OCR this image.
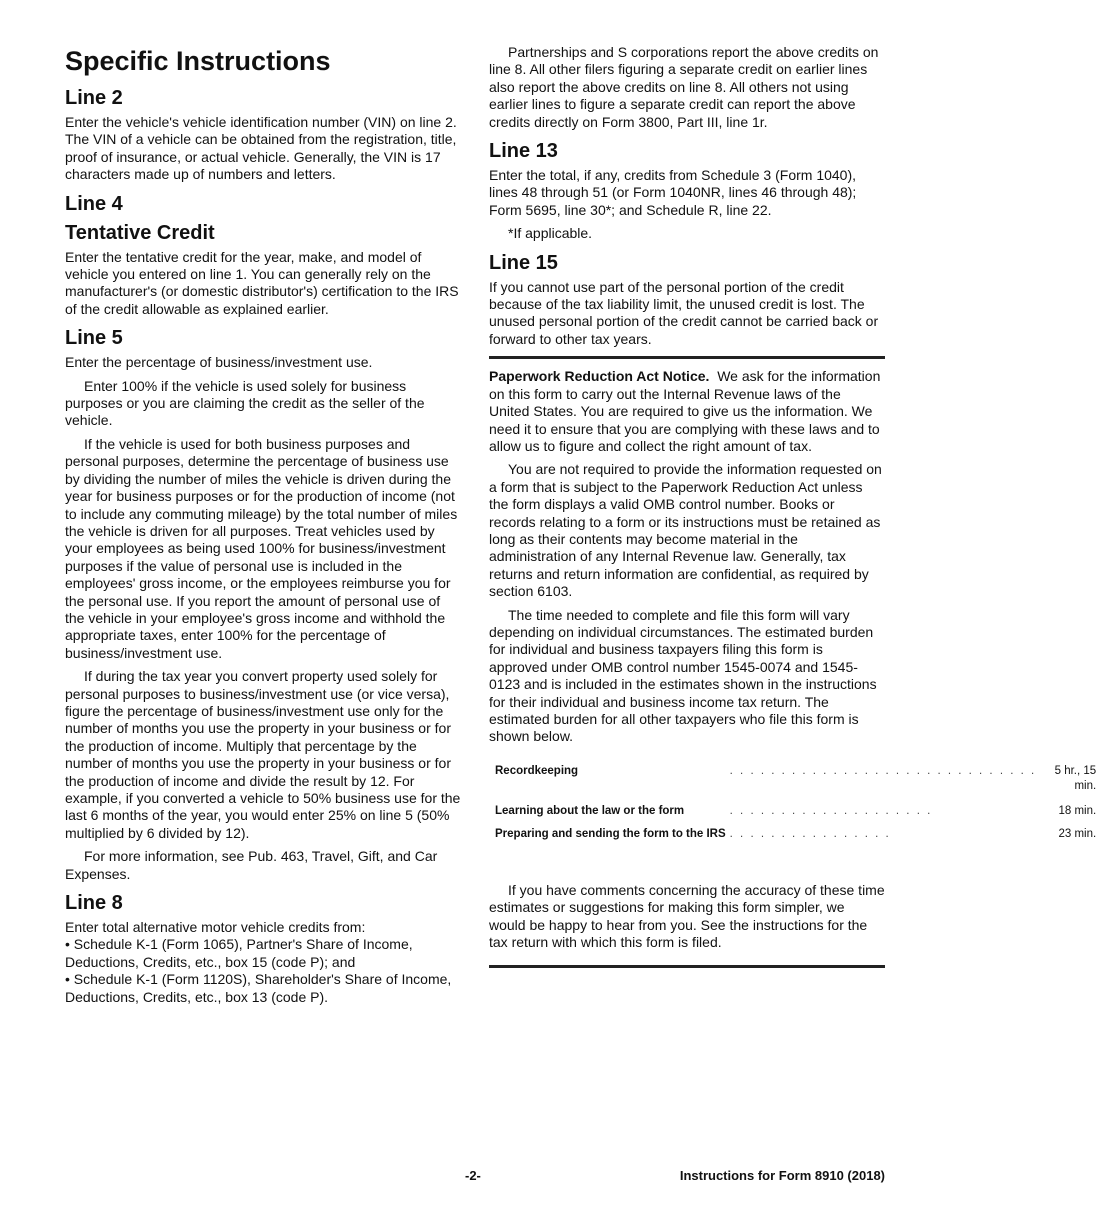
Specific Instructions
Line 2

Enter the vehicle's vehicle identification number (VIN) on line 2. The VIN of a vehicle can be obtained from the registration, title, proof of insurance, or actual vehicle. Generally, the VIN is 17 characters made up of numbers and letters.

Line 4
Tentative Credit

Enter the tentative credit for the year, make, and model of vehicle you entered on line 1. You can generally rely on the manufacturer's (or domestic distributor's) certification to the IRS of the credit allowable as explained earlier.

Line 5

Enter the percentage of business/investment use.

Enter 100% if the vehicle is used solely for business purposes or you are claiming the credit as the seller of the vehicle.

If the vehicle is used for both business purposes and personal purposes, determine the percentage of business use by dividing the number of miles the vehicle is driven during the year for business purposes or for the production of income (not to include any commuting mileage) by the total number of miles the vehicle is driven for all purposes. Treat vehicles used by your employees as being used 100% for business/investment purposes if the value of personal use is included in the employees' gross income, or the employees reimburse you for the personal use. If you report the amount of personal use of the vehicle in your employee's gross income and withhold the appropriate taxes, enter 100% for the percentage of business/investment use.

If during the tax year you convert property used solely for personal purposes to business/investment use (or vice versa), figure the percentage of business/investment use only for the number of months you use the property in your business or for the production of income. Multiply that percentage by the number of months you use the property in your business or for the production of income and divide the result by 12. For example, if you converted a vehicle to 50% business use for the last 6 months of the year, you would enter 25% on line 5 (50% multiplied by 6 divided by 12).

For more information, see Pub. 463, Travel, Gift, and Car Expenses.

Line 8

Enter total alternative motor vehicle credits from:

• Schedule K-1 (Form 1065), Partner's Share of Income, Deductions, Credits, etc., box 15 (code P); and

• Schedule K-1 (Form 1120S), Shareholder's Share of Income, Deductions, Credits, etc., box 13 (code P).

Partnerships and S corporations report the above credits on line 8. All other filers figuring a separate credit on earlier lines also report the above credits on line 8. All others not using earlier lines to figure a separate credit can report the above credits directly on Form 3800, Part III, line 1r.

Line 13

Enter the total, if any, credits from Schedule 3 (Form 1040), lines 48 through 51 (or Form 1040NR, lines 46 through 48); Form 5695, line 30*; and Schedule R, line 22.

*If applicable.

Line 15

If you cannot use part of the personal portion of the credit because of the tax liability limit, the unused credit is lost. The unused personal portion of the credit cannot be carried back or forward to other tax years.

Paperwork Reduction Act Notice. We ask for the information on this form to carry out the Internal Revenue laws of the United States. You are required to give us the information. We need it to ensure that you are complying with these laws and to allow us to figure and collect the right amount of tax.

You are not required to provide the information requested on a form that is subject to the Paperwork Reduction Act unless the form displays a valid OMB control number. Books or records relating to a form or its instructions must be retained as long as their contents may become material in the administration of any Internal Revenue law. Generally, tax returns and return information are confidential, as required by section 6103.

The time needed to complete and file this form will vary depending on individual circumstances. The estimated burden for individual and business taxpayers filing this form is approved under OMB control number 1545-0074 and 1545-0123 and is included in the estimates shown in the instructions for their individual and business income tax return. The estimated burden for all other taxpayers who file this form is shown below.

Recordkeeping	. . . . . . . . . . . . . . . . . . . . . . . . . . . . . .	5 hr., 15 min.

Learning about the law or the form	. . . . . . . . . . . . . . . . . . . .	18 min.

Preparing and sending the form to the IRS	. . . . . . . . . . . . . . . .	23 min.

If you have comments concerning the accuracy of these time estimates or suggestions for making this form simpler, we would be happy to hear from you. See the instructions for the tax return with which this form is filed.

-2-	Instructions for Form 8910 (2018)
